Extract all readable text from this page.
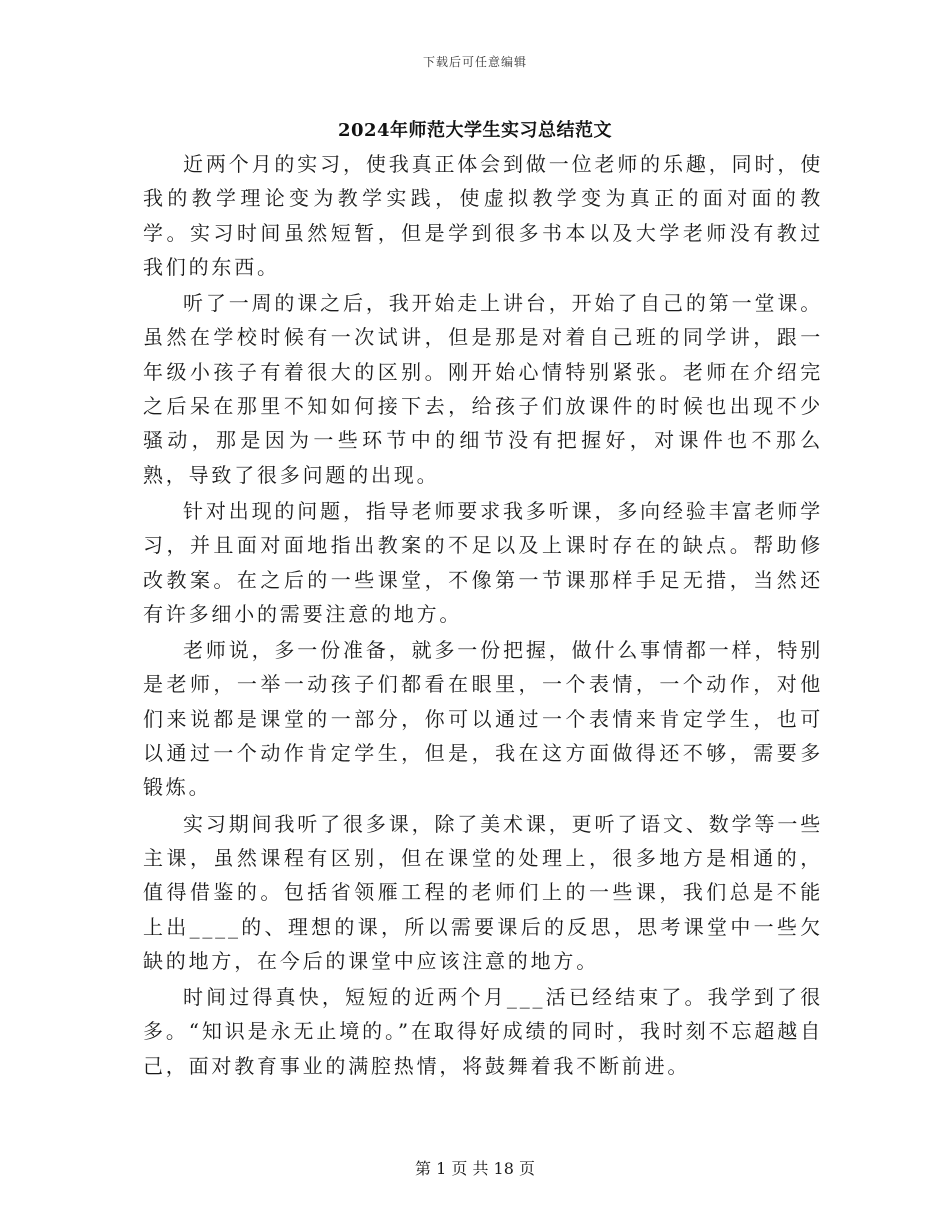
下载后可任意编辑
2024年师范大学生实习总结范文

近两个月的实习，使我真正体会到做一位老师的乐趣，同时，使我的教学理论变为教学实践，使虚拟教学变为真正的面对面的教学。实习时间虽然短暂，但是学到很多书本以及大学老师没有教过我们的东西。

听了一周的课之后，我开始走上讲台，开始了自己的第一堂课。虽然在学校时候有一次试讲，但是那是对着自己班的同学讲，跟一年级小孩子有着很大的区别。刚开始心情特别紧张。老师在介绍完之后呆在那里不知如何接下去，给孩子们放课件的时候也出现不少骚动，那是因为一些环节中的细节没有把握好，对课件也不那么熟，导致了很多问题的出现。

针对出现的问题，指导老师要求我多听课，多向经验丰富老师学习，并且面对面地指出教案的不足以及上课时存在的缺点。帮助修改教案。在之后的一些课堂，不像第一节课那样手足无措，当然还有许多细小的需要注意的地方。

老师说，多一份准备，就多一份把握，做什么事情都一样，特别是老师，一举一动孩子们都看在眼里，一个表情，一个动作，对他们来说都是课堂的一部分，你可以通过一个表情来肯定学生，也可以通过一个动作肯定学生，但是，我在这方面做得还不够，需要多锻炼。

实习期间我听了很多课，除了美术课，更听了语文、数学等一些主课，虽然课程有区别，但在课堂的处理上，很多地方是相通的，值得借鉴的。包括省领雁工程的老师们上的一些课，我们总是不能上出____的、理想的课，所以需要课后的反思，思考课堂中一些欠缺的地方，在今后的课堂中应该注意的地方。

时间过得真快，短短的近两个月___活已经结束了。我学到了很多。“知识是永无止境的。”在取得好成绩的同时，我时刻不忘超越自己，面对教育事业的满腔热情，将鼓舞着我不断前进。

第 1 页 共 18 页
